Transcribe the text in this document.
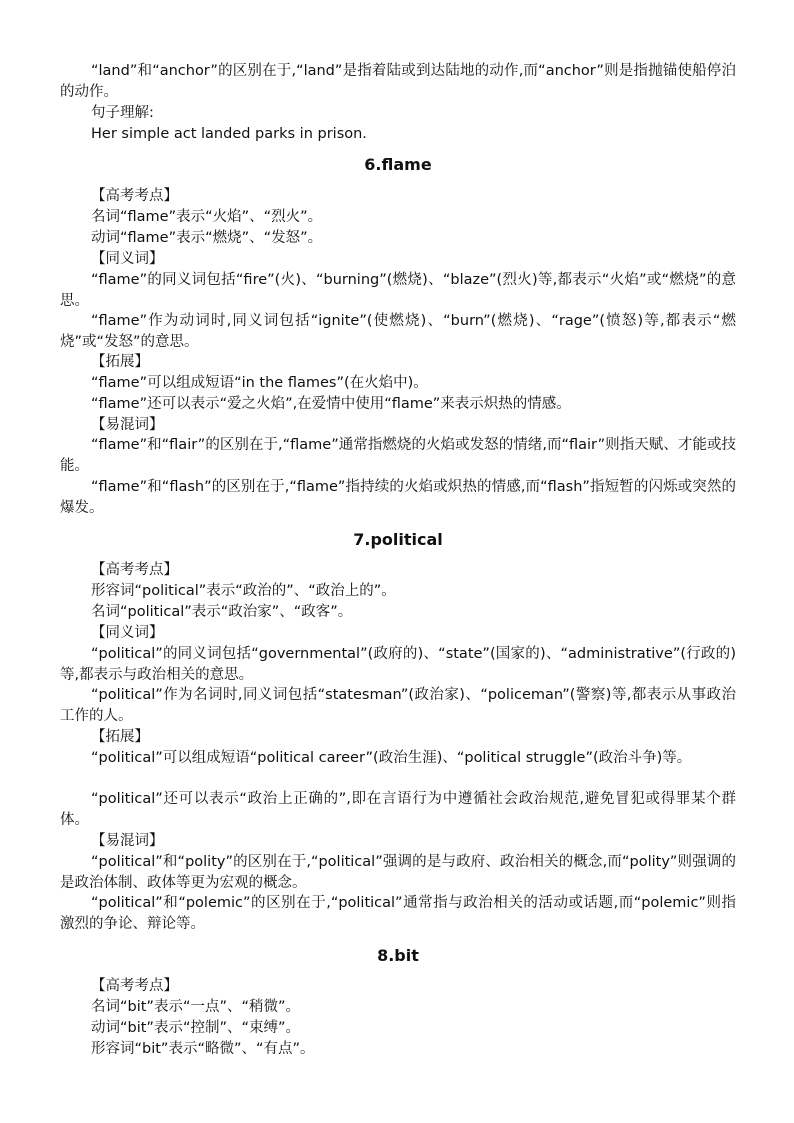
“land”和“anchor”的区别在于,“land”是指着陆或到达陆地的动作,而“anchor”则是指抛锚使船停泊的动作。
句子理解:
Her simple act landed parks in prison.
6.flame
【高考考点】
名词“flame”表示“火焰”、“烈火”。
动词“flame”表示“燃烧”、“发怒”。
【同义词】
“flame”的同义词包括“fire”(火)、“burning”(燃烧)、“blaze”(烈火)等,都表示“火焰”或“燃烧”的意思。
“flame”作为动词时,同义词包括“ignite”(使燃烧)、“burn”(燃烧)、“rage”(愤怒)等,都表示“燃烧”或“发怒”的意思。
【拓展】
“flame”可以组成短语“in the flames”(在火焰中)。
“flame”还可以表示“爱之火焰”,在爱情中使用“flame”来表示炽热的情感。
【易混词】
“flame”和“flair”的区别在于,“flame”通常指燃烧的火焰或发怒的情绪,而“flair”则指天赋、才能或技能。
“flame”和“flash”的区别在于,“flame”指持续的火焰或炽热的情感,而“flash”指短暂的闪烁或突然的爆发。
7.political
【高考考点】
形容词“political”表示“政治的”、“政治上的”。
名词“political”表示“政治家”、“政客”。
【同义词】
“political”的同义词包括“governmental”(政府的)、“state”(国家的)、“administrative”(行政的)等,都表示与政治相关的意思。
“political”作为名词时,同义词包括“statesman”(政治家)、“policeman”(警察)等,都表示从事政治工作的人。
【拓展】
“political”可以组成短语“political career”(政治生涯)、“political struggle”(政治斗争)等。
“political”还可以表示“政治上正确的”,即在言语行为中遵循社会政治规范,避免冒犯或得罪某个群体。
【易混词】
“political”和“polity”的区别在于,“political”强调的是与政府、政治相关的概念,而“polity”则强调的是政治体制、政体等更为宏观的概念。
“political”和“polemic”的区别在于,“political”通常指与政治相关的活动或话题,而“polemic”则指激烈的争论、辩论等。
8.bit
【高考考点】
名词“bit”表示“一点”、“稍微”。
动词“bit”表示“控制”、“束缚”。
形容词“bit”表示“略微”、“有点”。
